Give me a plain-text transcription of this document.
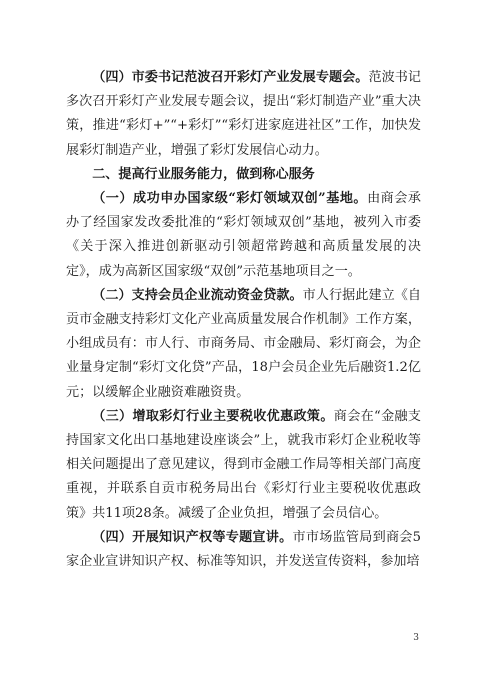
（四）市委书记范波召开彩灯产业发展专题会。范波书记多次召开彩灯产业发展专题会议，提出“彩灯制造产业”重大决策，推进“彩灯+”“+彩灯”“彩灯进家庭进社区”工作，加快发展彩灯制造产业，增强了彩灯发展信心动力。

二、提高行业服务能力，做到称心服务

（一）成功申办国家级“彩灯领域双创”基地。由商会承办了经国家发改委批准的“彩灯领域双创”基地，被列入市委《关于深入推进创新驱动引领超常跨越和高质量发展的决定》，成为高新区国家级“双创”示范基地项目之一。

（二）支持会员企业流动资金贷款。市人行据此建立《自贡市金融支持彩灯文化产业高质量发展合作机制》工作方案，小组成员有：市人行、市商务局、市金融局、彩灯商会，为企业量身定制“彩灯文化贷”产品，18户会员企业先后融资1.2亿元；以缓解企业融资难融资贵。

（三）增取彩灯行业主要税收优惠政策。商会在“金融支持国家文化出口基地建设座谈会”上，就我市彩灯企业税收等相关问题提出了意见建议，得到市金融工作局等相关部门高度重视，并联系自贡市税务局出台《彩灯行业主要税收优惠政策》共11项28条。减缓了企业负担，增强了会员信心。

（四）开展知识产权等专题宣讲。市市场监管局到商会5家企业宣讲知识产权、标准等知识，并发送宣传资料，参加培

3
